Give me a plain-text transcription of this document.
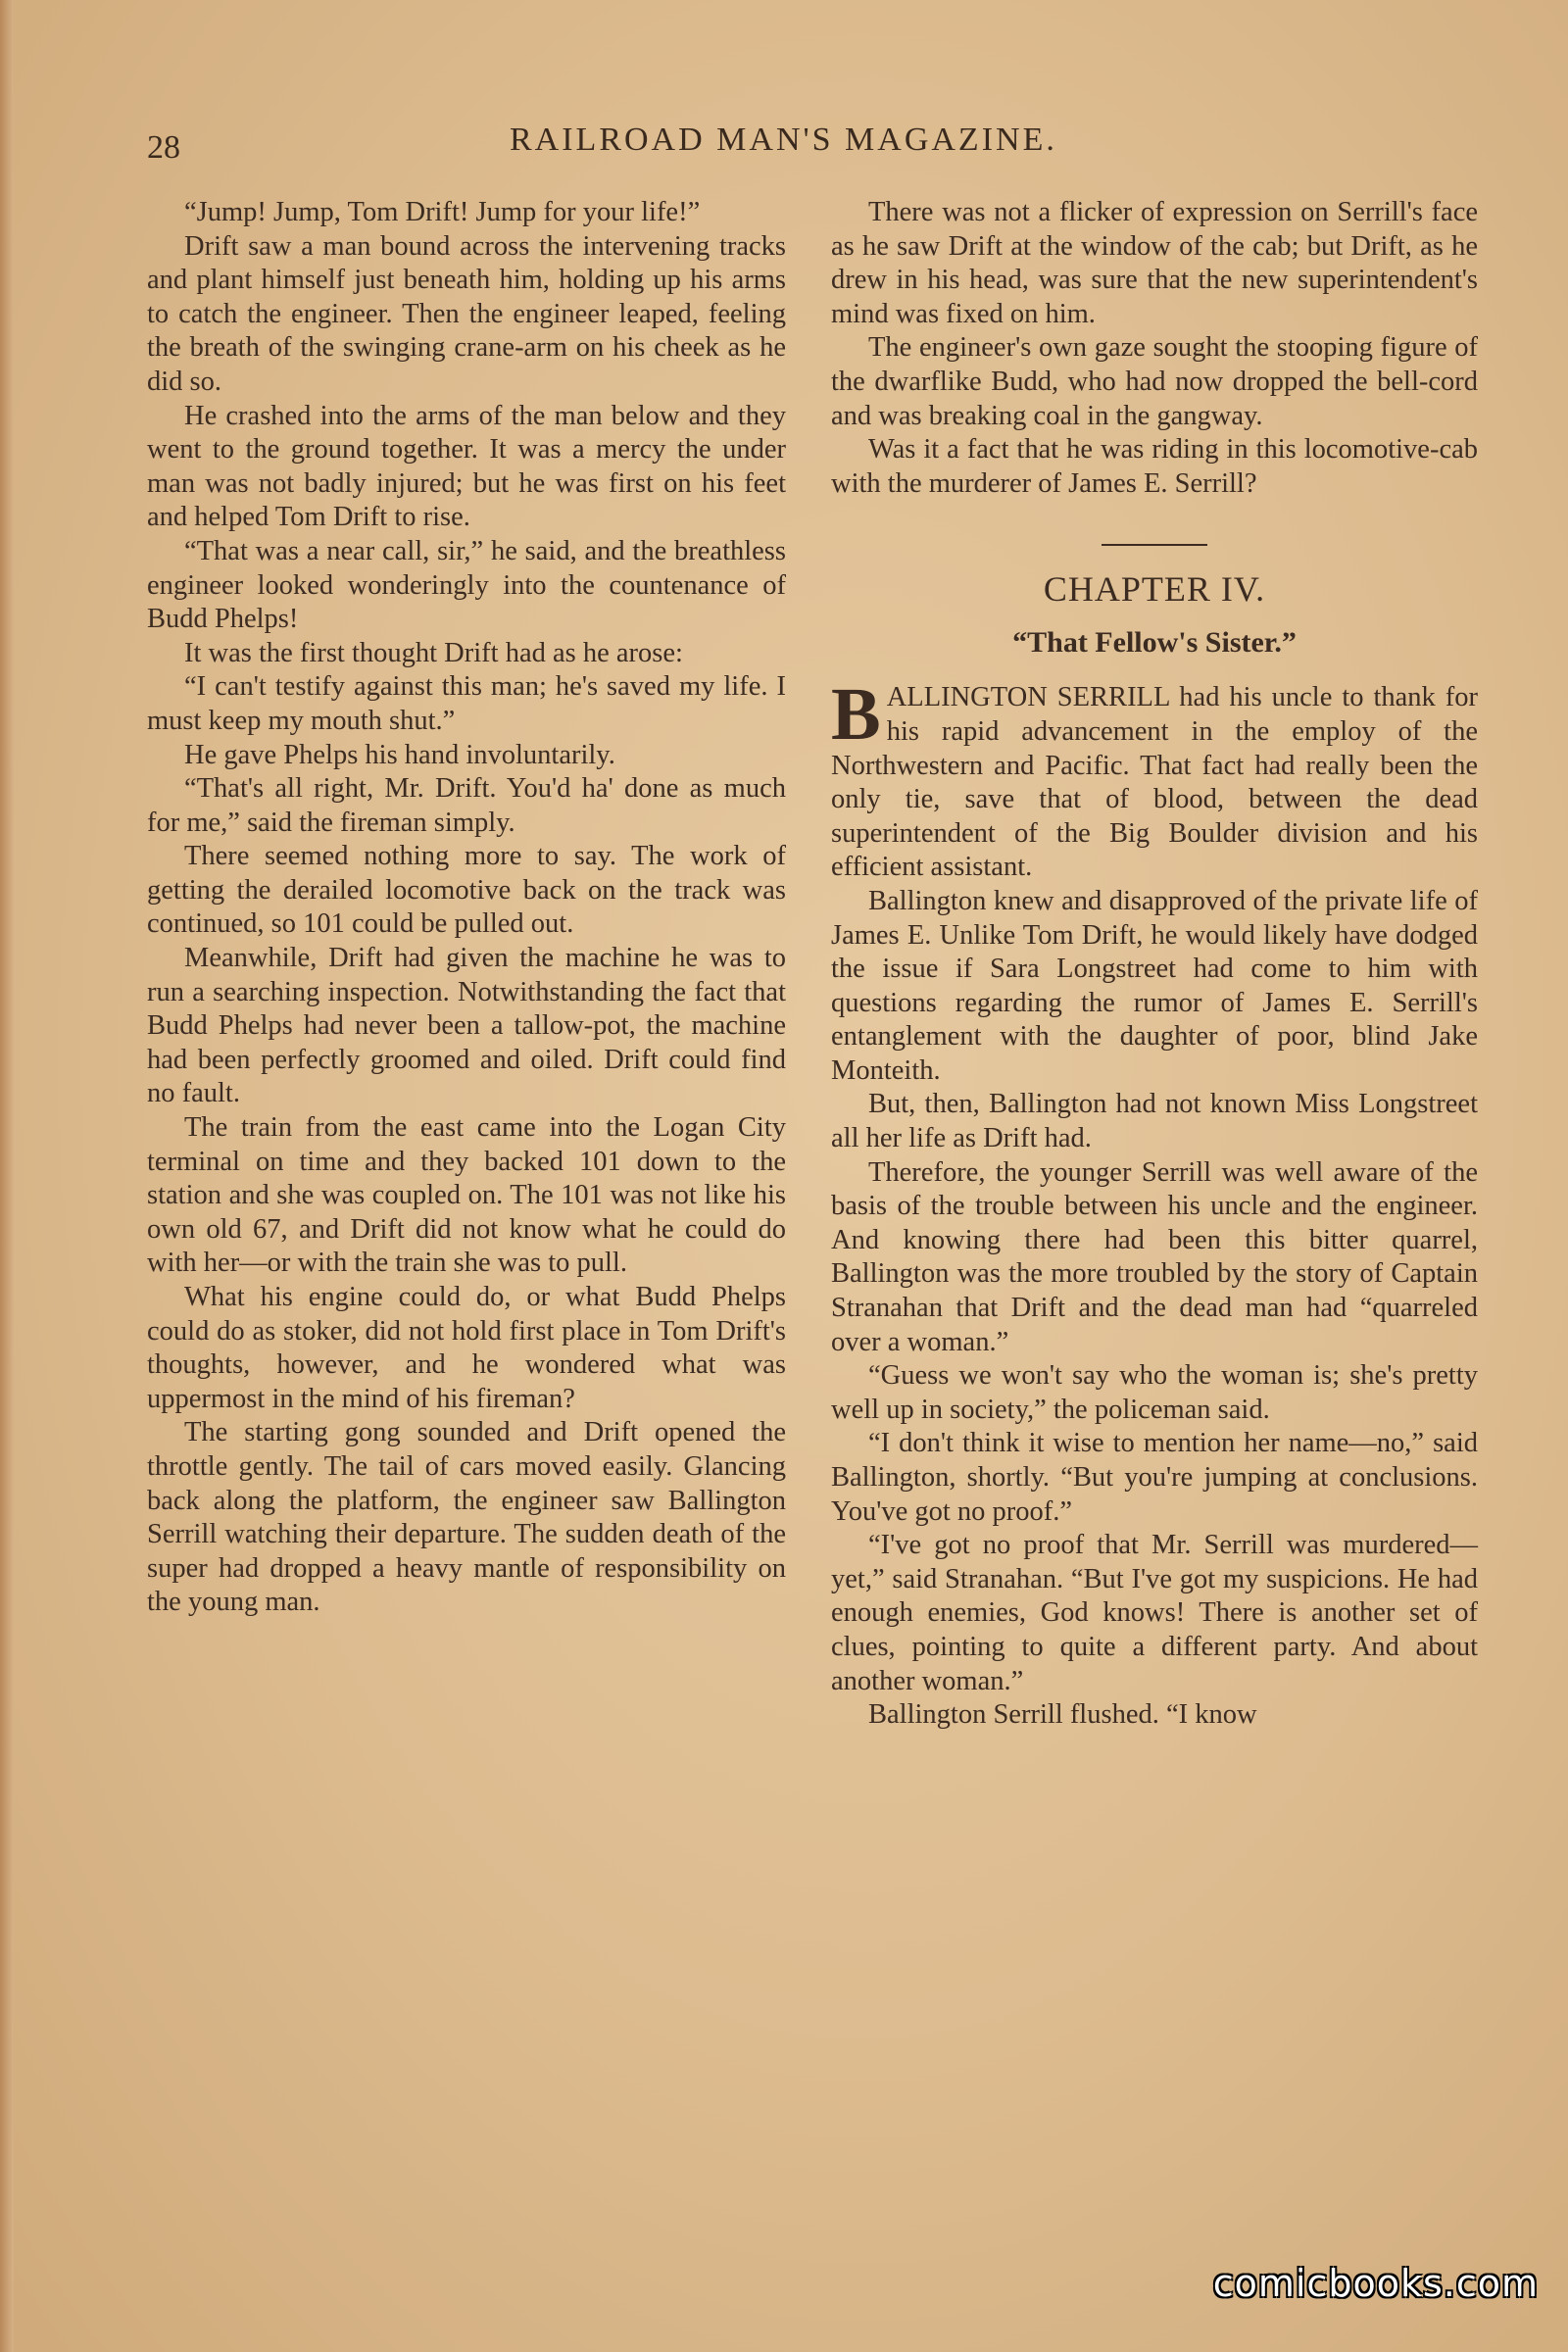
28	RAILROAD MAN'S MAGAZINE.

“Jump! Jump, Tom Drift! Jump for your life!”

Drift saw a man bound across the intervening tracks and plant himself just beneath him, holding up his arms to catch the engineer. Then the engineer leaped, feeling the breath of the swinging crane-arm on his cheek as he did so.

He crashed into the arms of the man below and they went to the ground together. It was a mercy the under man was not badly injured; but he was first on his feet and helped Tom Drift to rise.

“That was a near call, sir,” he said, and the breathless engineer looked wonderingly into the countenance of Budd Phelps!

It was the first thought Drift had as he arose:

“I can't testify against this man; he's saved my life. I must keep my mouth shut.”

He gave Phelps his hand involuntarily.

“That's all right, Mr. Drift. You'd ha' done as much for me,” said the fireman simply.

There seemed nothing more to say. The work of getting the derailed locomotive back on the track was continued, so 101 could be pulled out.

Meanwhile, Drift had given the machine he was to run a searching inspection. Notwithstanding the fact that Budd Phelps had never been a tallow-pot, the machine had been perfectly groomed and oiled. Drift could find no fault.

The train from the east came into the Logan City terminal on time and they backed 101 down to the station and she was coupled on. The 101 was not like his own old 67, and Drift did not know what he could do with her—or with the train she was to pull.

What his engine could do, or what Budd Phelps could do as stoker, did not hold first place in Tom Drift's thoughts, however, and he wondered what was uppermost in the mind of his fireman?

The starting gong sounded and Drift opened the throttle gently. The tail of cars moved easily. Glancing back along the platform, the engineer saw Ballington Serrill watching their departure. The sudden death of the super had dropped a heavy mantle of responsibility on the young man.

There was not a flicker of expression on Serrill's face as he saw Drift at the window of the cab; but Drift, as he drew in his head, was sure that the new superintendent's mind was fixed on him.

The engineer's own gaze sought the stooping figure of the dwarflike Budd, who had now dropped the bell-cord and was breaking coal in the gangway.

Was it a fact that he was riding in this locomotive-cab with the murderer of James E. Serrill?

CHAPTER IV.
“That Fellow's Sister.”

BALLINGTON SERRILL had his uncle to thank for his rapid advancement in the employ of the Northwestern and Pacific. That fact had really been the only tie, save that of blood, between the dead superintendent of the Big Boulder division and his efficient assistant.

Ballington knew and disapproved of the private life of James E. Unlike Tom Drift, he would likely have dodged the issue if Sara Longstreet had come to him with questions regarding the rumor of James E. Serrill's entanglement with the daughter of poor, blind Jake Monteith.

But, then, Ballington had not known Miss Longstreet all her life as Drift had.

Therefore, the younger Serrill was well aware of the basis of the trouble between his uncle and the engineer. And knowing there had been this bitter quarrel, Ballington was the more troubled by the story of Captain Stranahan that Drift and the dead man had “quarreled over a woman.”

“Guess we won't say who the woman is; she's pretty well up in society,” the policeman said.

“I don't think it wise to mention her name—no,” said Ballington, shortly. “But you're jumping at conclusions. You've got no proof.”

“I've got no proof that Mr. Serrill was murdered—yet,” said Stranahan. “But I've got my suspicions. He had enough enemies, God knows! There is another set of clues, pointing to quite a different party. And about another woman.”

Ballington Serrill flushed. “I know

comicbooks.com
